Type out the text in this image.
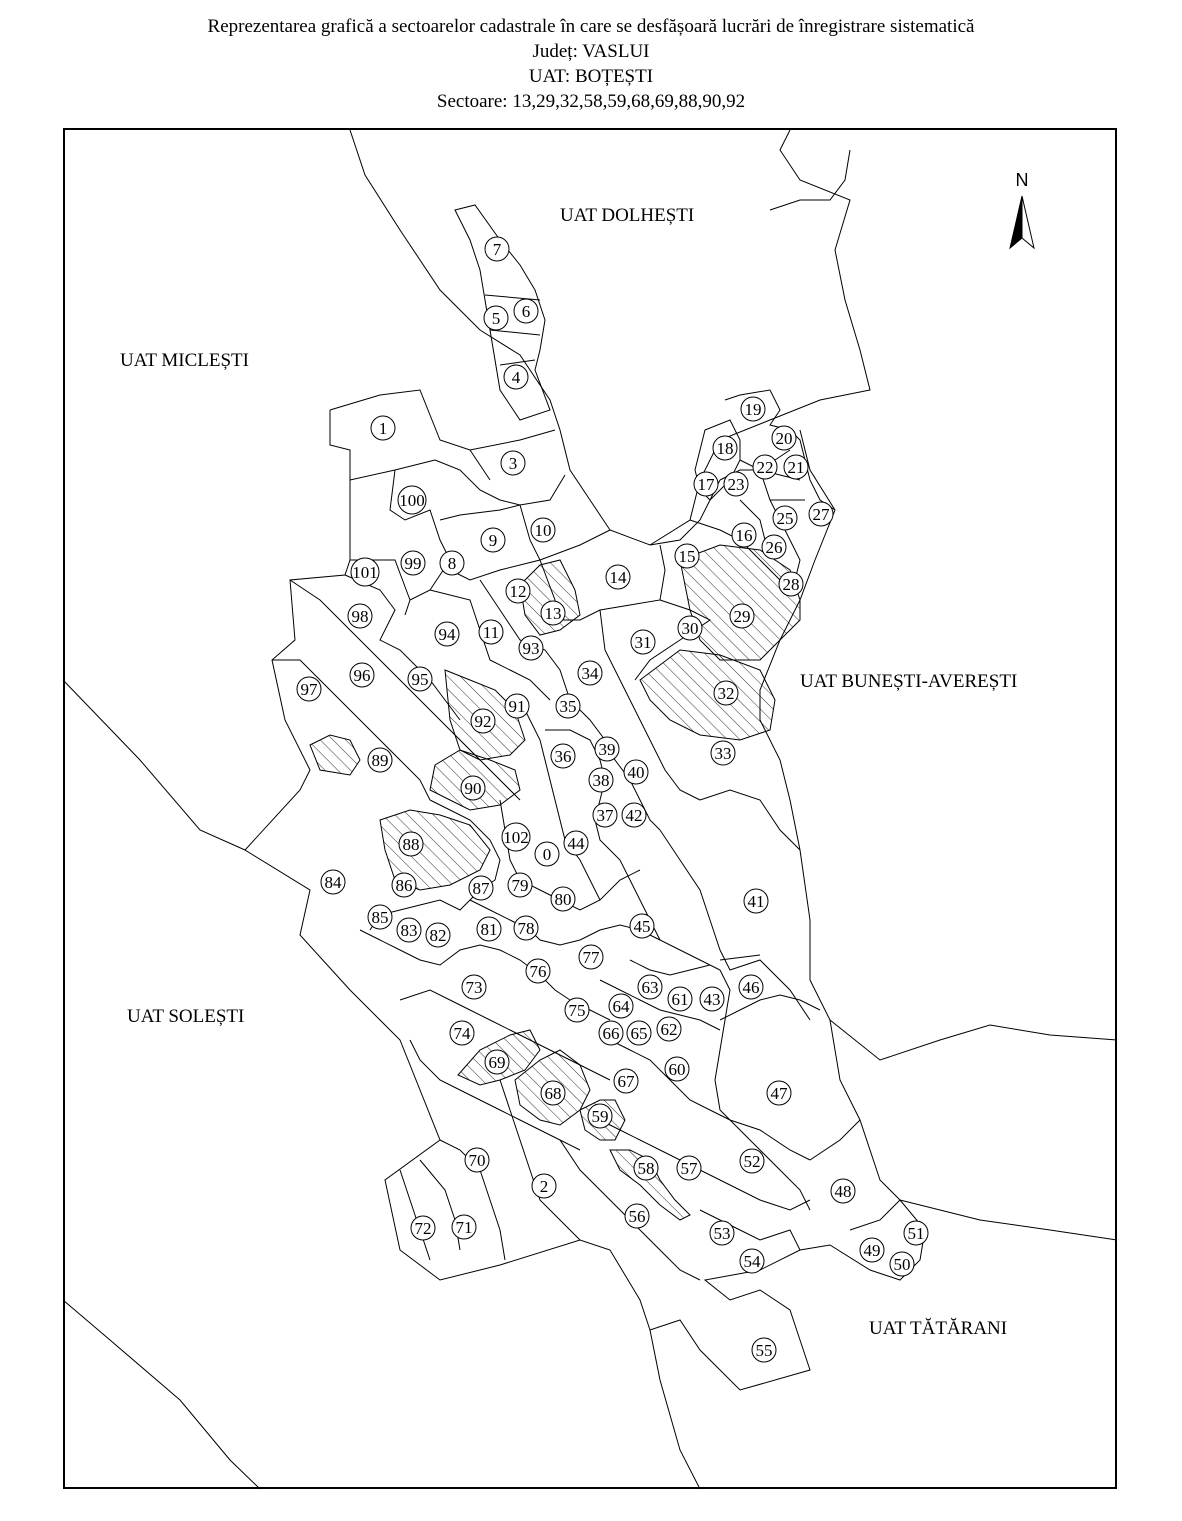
Reprezentarea grafică a sectoarelor cadastrale în care se desfășoară lucrări de înregistrare sistematică
Județ: VASLUI
UAT: BOȚEȘTI
Sectoare: 13,29,32,58,59,68,69,88,90,92
0
1
2
3
4
5 6
7
8
9
10
11
12
13
14
15
16
17
18
19
20
21
22
23
25
26
27
28
29
30
31
32
33
34
35
36
37
38
39
40
41
42
43
44
45
46
47
48
49
50
51
52
53
54
55
56
57
58
59
60
61
62
63
64
65
66
67
68
69
70
71
72
73
74
75
76
77
78
79
80
81
82
83
84
85
86	87
88
89
90
91
92
93
94
95
96
97
98
99
100
101
102
UAT DOLHEȘTI
UAT MICLEȘTI
UAT BUNEȘTI-AVEREȘTI
UAT SOLEȘTI
UAT TĂTĂRANI
N
